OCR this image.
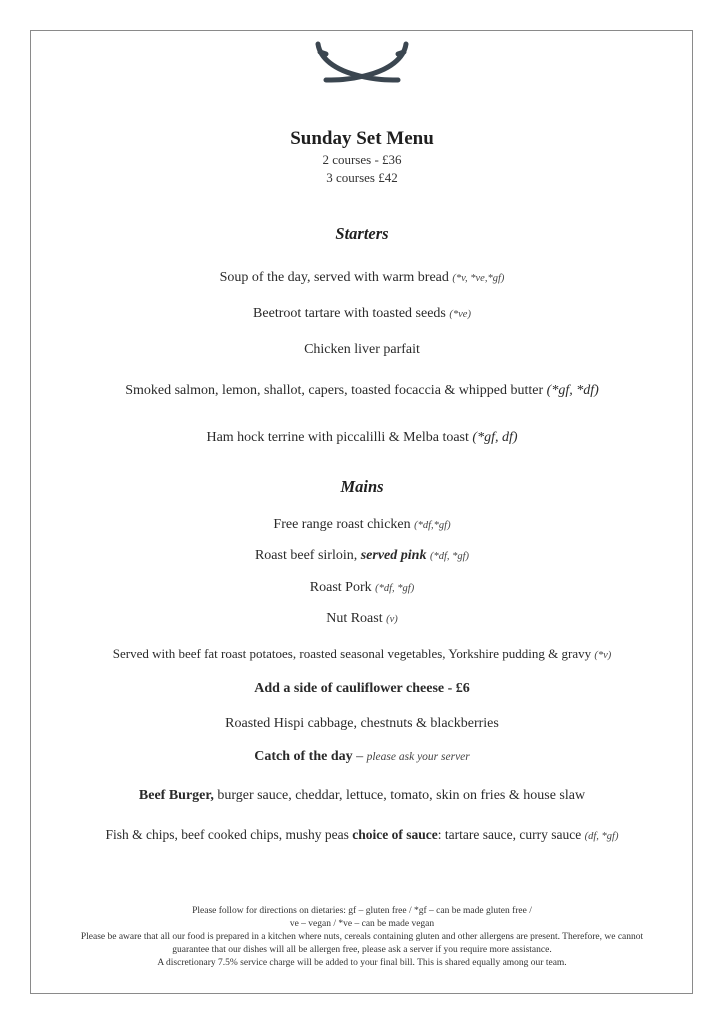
Sunday Set Menu
2 courses - £36
3 courses £42
Starters
Soup of the day, served with warm bread (*v, *ve,*gf)
Beetroot tartare with toasted seeds (*ve)
Chicken liver parfait
Smoked salmon, lemon, shallot, capers, toasted focaccia & whipped butter (*gf, *df)
Ham hock terrine with piccalilli & Melba toast (*gf, df)
Mains
Free range roast chicken (*df,*gf)
Roast beef sirloin, served pink (*df, *gf)
Roast Pork (*df, *gf)
Nut Roast (v)
Served with beef fat roast potatoes, roasted seasonal vegetables, Yorkshire pudding & gravy (*v)
Add a side of cauliflower cheese - £6
Roasted Hispi cabbage, chestnuts & blackberries
Catch of the day – please ask your server
Beef Burger, burger sauce, cheddar, lettuce, tomato, skin on fries & house slaw
Fish & chips, beef cooked chips, mushy peas choice of sauce: tartare sauce, curry sauce (df, *gf)
Please follow for directions on dietaries: gf – gluten free / *gf – can be made gluten free /
ve – vegan / *ve – can be made vegan
Please be aware that all our food is prepared in a kitchen where nuts, cereals containing gluten and other allergens are present. Therefore, we cannot
guarantee that our dishes will all be allergen free, please ask a server if you require more assistance.
A discretionary 7.5% service charge will be added to your final bill. This is shared equally among our team.
